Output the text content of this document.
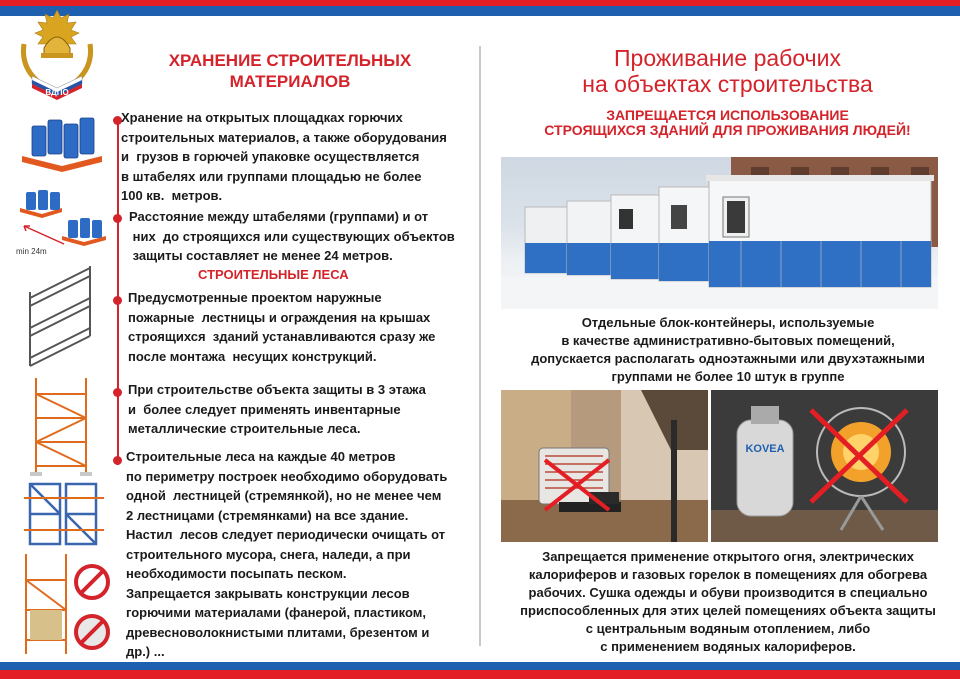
ВДПО
ХРАНЕНИЕ СТРОИТЕЛЬНЫХ
МАТЕРИАЛОВ
min 24m
Хранение на открытых площадках горючих
строительных материалов, а также оборудования
и  грузов в горючей упаковке осуществляется
в штабелях или группами площадью не более
100 кв.  метров.
Расстояние между штабелями (группами) и от
них  до строящихся или существующих объектов
защиты составляет не менее 24 метров.
СТРОИТЕЛЬНЫЕ ЛЕСА
Предусмотренные проектом наружные
пожарные  лестницы и ограждения на крышах
строящихся  зданий устанавливаются сразу же
после монтажа  несущих конструкций.
При строительстве объекта защиты в 3 этажа
и  более следует применять инвентарные
металлические строительные леса.
Строительные леса на каждые 40 метров
по периметру построек необходимо оборудовать
одной  лестницей (стремянкой), но не менее чем
2 лестницами (стремянками) на все здание.
Настил  лесов следует периодически очищать от
строительного мусора, снега, наледи, а при
необходимости посыпать песком.
Запрещается закрывать конструкции лесов
горючими материалами (фанерой, пластиком,
древесноволокнистыми плитами, брезентом и
др.) ...
Проживание рабочих
на объектах строительства
ЗАПРЕЩАЕТСЯ ИСПОЛЬЗОВАНИЕ
СТРОЯЩИХСЯ ЗДАНИЙ ДЛЯ ПРОЖИВАНИЯ ЛЮДЕЙ!
Отдельные блок-контейнеры, используемые
в качестве административно-бытовых помещений,
допускается располагать одноэтажными или двухэтажными
группами не более 10 штук в группе
KOVEA
Запрещается применение открытого огня, электрических
калориферов и газовых горелок в помещениях для обогрева
рабочих. Сушка одежды и обуви производится в специально
приспособленных для этих целей помещениях объекта защиты
с центральным водяным отоплением, либо
с применением водяных калориферов.
